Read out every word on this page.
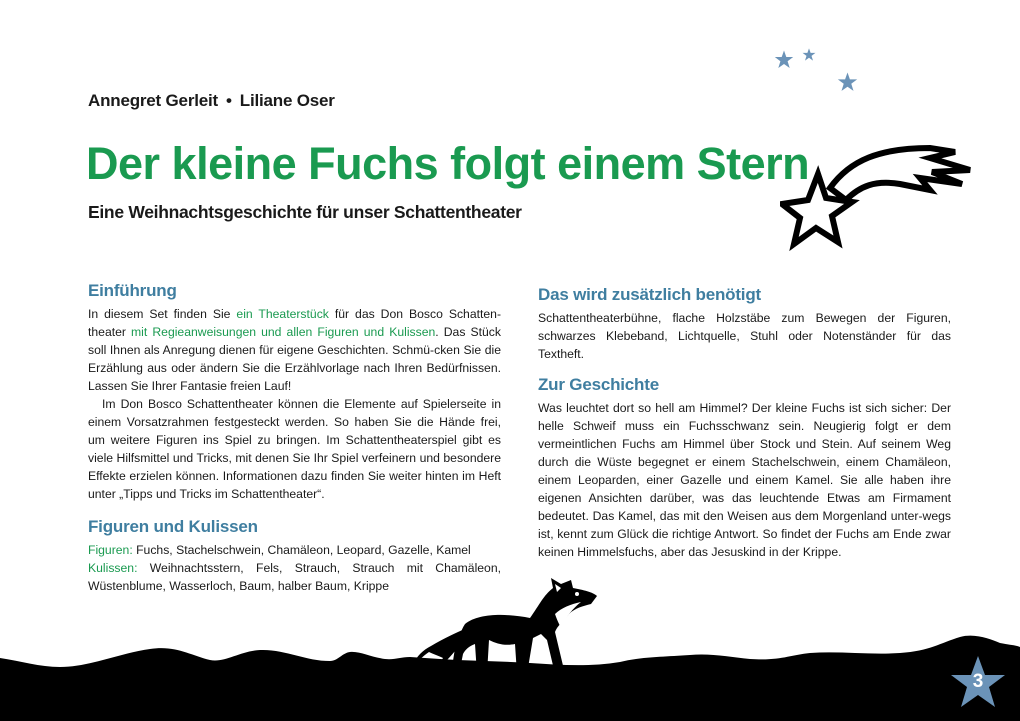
Annegret Gerleit • Liliane Oser
Der kleine Fuchs folgt einem Stern
Eine Weihnachtsgeschichte für unser Schattentheater
Einführung

In diesem Set finden Sie ein Theaterstück für das Don Bosco Schatten-theater mit Regieanweisungen und allen Figuren und Kulissen. Das Stück soll Ihnen als Anregung dienen für eigene Geschichten. Schmü-cken Sie die Erzählung aus oder ändern Sie die Erzählvorlage nach Ihren Bedürfnissen. Lassen Sie Ihrer Fantasie freien Lauf!

Im Don Bosco Schattentheater können die Elemente auf Spielerseite in einem Vorsatzrahmen festgesteckt werden. So haben Sie die Hände frei, um weitere Figuren ins Spiel zu bringen. Im Schattentheaterspiel gibt es viele Hilfsmittel und Tricks, mit denen Sie Ihr Spiel verfeinern und besondere Effekte erzielen können. Informationen dazu finden Sie weiter hinten im Heft unter „Tipps und Tricks im Schattentheater“.

Figuren und Kulissen

Figuren: Fuchs, Stachelschwein, Chamäleon, Leopard, Gazelle, Kamel

Kulissen: Weihnachtsstern, Fels, Strauch, Strauch mit Chamäleon, Wüstenblume, Wasserloch, Baum, halber Baum, Krippe

Das wird zusätzlich benötigt

Schattentheaterbühne, flache Holzstäbe zum Bewegen der Figuren, schwarzes Klebeband, Lichtquelle, Stuhl oder Notenständer für das Textheft.

Zur Geschichte

Was leuchtet dort so hell am Himmel? Der kleine Fuchs ist sich sicher: Der helle Schweif muss ein Fuchsschwanz sein. Neugierig folgt er dem vermeintlichen Fuchs am Himmel über Stock und Stein. Auf seinem Weg durch die Wüste begegnet er einem Stachelschwein, einem Chamäleon, einem Leoparden, einer Gazelle und einem Kamel. Sie alle haben ihre eigenen Ansichten darüber, was das leuchtende Etwas am Firmament bedeutet. Das Kamel, das mit den Weisen aus dem Morgenland unter-wegs ist, kennt zum Glück die richtige Antwort. So findet der Fuchs am Ende zwar keinen Himmelsfuchs, aber das Jesuskind in der Krippe.

3
